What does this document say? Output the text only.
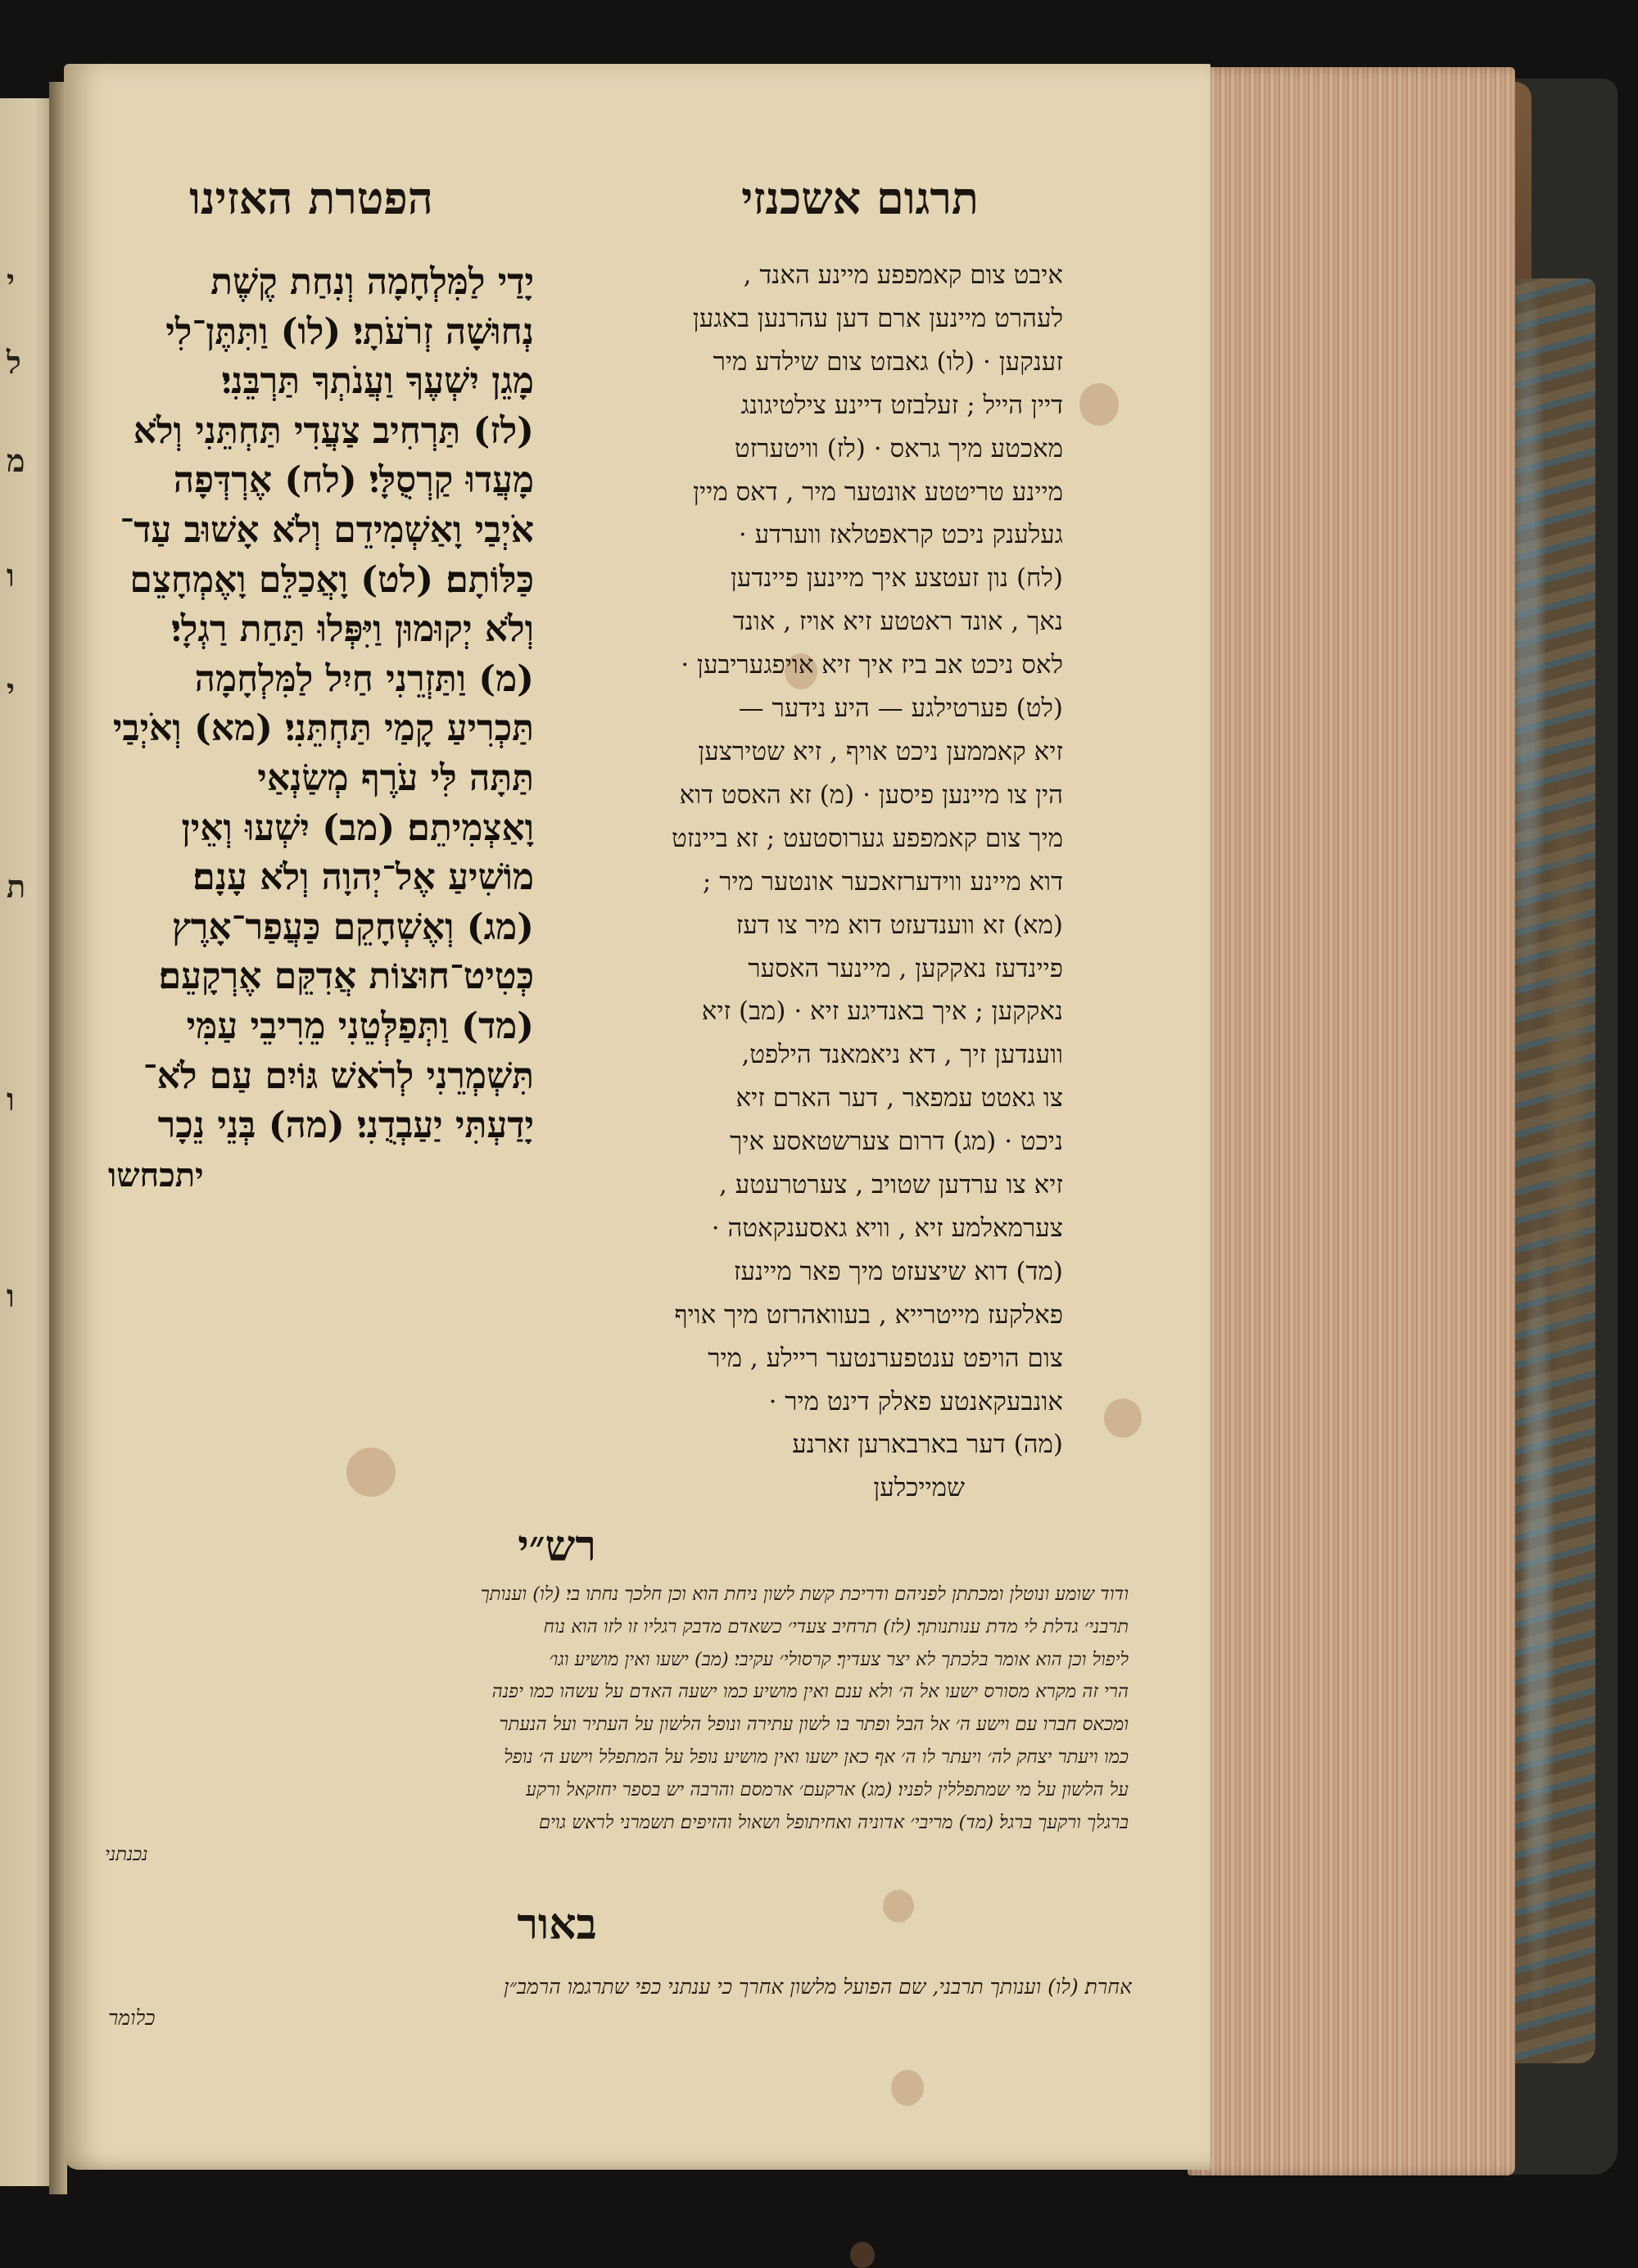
י
ל
מ
ו
י
ת
ו
ו
הפטרת האזינו	תרגום אשכנזי
יָדַי לַמִּלְחָמָה וְנִחַת קֶשֶׁת
נְחוּשָׁה זְרֹעֹתָי׃ (לו) וַתִּתֶּן־לִי
מָגֵן יִשְׁעֶךָ וַעֲנֹתְךָ תַּרְבֵּנִי׃
(לז) תַּרְחִיב צַעֲדִי תַּחְתֵּנִי וְלֹא
מָעֲדוּ קַרְסֻלָּי׃ (לח) אֶרְדְּפָה
אֹיְבַי וָאַשְׁמִידֵם וְלֹא אָשׁוּב עַד־
כַּלּוֹתָם׃ (לט) וָאֲכַלֵּם וָאֶמְחָצֵם
וְלֹא יְקוּמוּן וַיִּפְּלוּ תַּחַת רַגְלָי׃
(מ) וַתַּזְרֵנִי חַיִל לַמִּלְחָמָה
תַּכְרִיעַ קָמַי תַּחְתֵּנִי׃ (מא) וְאֹיְבַי
תַּתָּה לִּי עֹרֶף מְשַׂנְאַי
וָאַצְמִיתֵם׃ (מב) יִשְׁעוּ וְאֵין
מוֹשִׁיעַ אֶל־יְהוָה וְלֹא עָנָם׃
(מג) וְאֶשְׁחָקֵם כַּעֲפַר־אָרֶץ
כְּטִיט־חוּצוֹת אֲדִקֵּם אֶרְקָעֵם׃
(מד) וַתְּפַלְּטֵנִי מֵרִיבֵי עַמִּי
תִּשְׁמְרֵנִי לְרֹאשׁ גּוֹיִם עַם לֹא־
יָדַעְתִּי יַעַבְדֻנִי׃ (מה) בְּנֵי נֵכָר
יתכחשו
איבט צום קאמפפע מיינע האנד ,
לעהרט מיינען ארם דען עהרנען באגען
זענקען · (לו) גאבזט צום שילדע מיר
דיין הייל ; זעלבזט דיינע צילטיגונג
מאכטע מיך גראס · (לז) וויטערזט
מיינע טריטטע אונטער מיר , דאס מיין
געלענק ניכט קראפטלאז ווערדע ·
(לח) נון זעטצע איך מיינען פיינדען
נאך , אונד ראטטע זיא אויז , אונד
לאס ניכט אב ביז איך זיא אויפגעריבען ·
(לט) פערטילגע — היע נידער —
זיא קאממען ניכט אויף , זיא שטירצען
הין צו מיינען פיסען · (מ) זא האסט דוא
מיך צום קאמפפע גערוסטעט ; זא ביינזט
דוא מיינע ווידערזאכער אונטער מיר ;
(מא) זא ווענדעזט דוא מיר צו דעז
פיינדעז נאקקען , מיינער האסער
נאקקען ; איך באנדיגע זיא · (מב) זיא
ווענדען זיך , דא ניאמאנד הילפט,
צו גאטט עמפאר , דער הארם זיא
ניכט · (מג) דרום צערשטאסע איך
זיא צו ערדען שטויב , צערטרעטע ,
צערמאלמע זיא , וויא גאסענקאטה ·
(מד) דוא שיצעזט מיך פאר מיינעז
פאלקעז מייטרייא , בעוואהרזט מיך אויף
צום הויפט ענטפערנטער ריילע , מיר
אונבעקאנטע פאלק דינט מיר ·
(מה) דער בארבארען זארנע
שמייכלען
רש״י
ודוד שומע ונוטלן ומכתתן לפניהם ודריכת קשת לשון ניחת הוא וכן חלכך נחתו בי׃ (לו) וענותך
תרבני׳ גדלת לי מדת ענותנותך׃ (לז) תרחיב צעדי׳ כשאדם מדבק רגליו זו לזו הוא נוח
ליפול וכן הוא אומר בלכתך לא יצר צעדיך׃ קרסולי׳ עקיבי׃ (מב) ישעו ואין מושיע וגו׳
הרי זה מקרא מסורס ישעו אל ה׳ ולא ענם ואין מושיע כמו ישעה האדם על עשהו כמו יפנה
ומכאס חברו עם וישע ה׳ אל הבל ופתר בו לשון עתירה ונופל הלשון על העתיר ועל הנעתר
כמו ויעתר יצחק לה׳ ויעתר לו ה׳ אף כאן ישעו ואין מושיע נופל על המתפלל וישע ה׳ נופל
על הלשון על מי שמתפללין לפניו׃ (מג) ארקעם׳ ארמסם והרבה יש בספר יחזקאל ורקע
ברגלך ורקעך ברגל׃ (מד) מריבי׳ אדוניה ואחיתופל ושאול והזיפים׃ תשמרני לראש גוים
נכנתני
באור
אחרת׃ (לו) וענותך תרבני, שם הפועל מלשון אחרך כי ענתני כפי שתרגמו הרמב״ן
כלומר
